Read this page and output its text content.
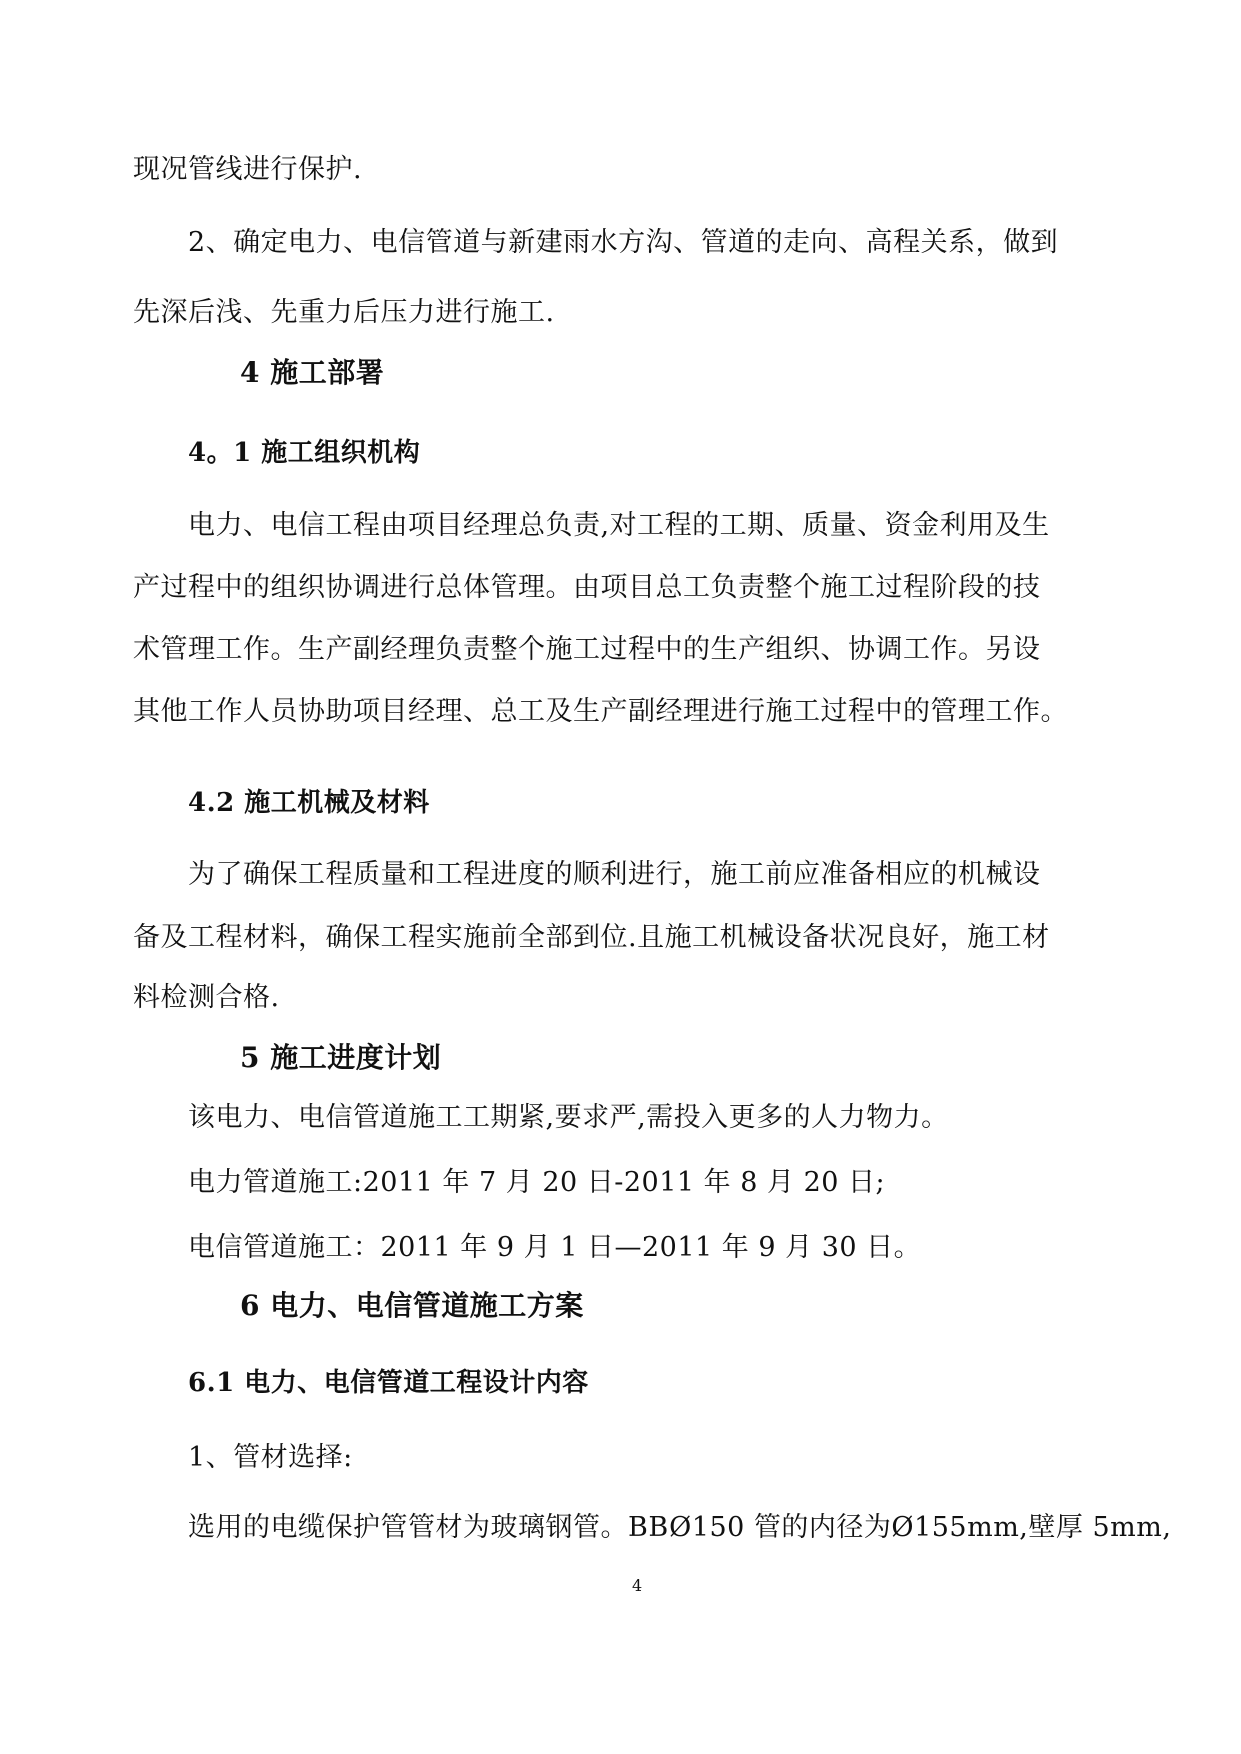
现况管线进行保护.
2、确定电力、电信管道与新建雨水方沟、管道的走向、高程关系，做到
先深后浅、先重力后压力进行施工.
4 施工部署
4。1 施工组织机构
电力、电信工程由项目经理总负责,对工程的工期、质量、资金利用及生
产过程中的组织协调进行总体管理。由项目总工负责整个施工过程阶段的技
术管理工作。生产副经理负责整个施工过程中的生产组织、协调工作。另设
其他工作人员协助项目经理、总工及生产副经理进行施工过程中的管理工作。
4.2 施工机械及材料
为了确保工程质量和工程进度的顺利进行，施工前应准备相应的机械设
备及工程材料，确保工程实施前全部到位.且施工机械设备状况良好，施工材
料检测合格.
5 施工进度计划
该电力、电信管道施工工期紧,要求严,需投入更多的人力物力。
电力管道施工:2011 年 7 月 20 日-2011 年 8 月 20 日;
电信管道施工：2011 年 9 月 1 日—2011 年 9 月 30 日。
6 电力、电信管道施工方案
6.1 电力、电信管道工程设计内容
1、管材选择:
选用的电缆保护管管材为玻璃钢管。BBØ150 管的内径为Ø155mm,壁厚 5mm,
4
